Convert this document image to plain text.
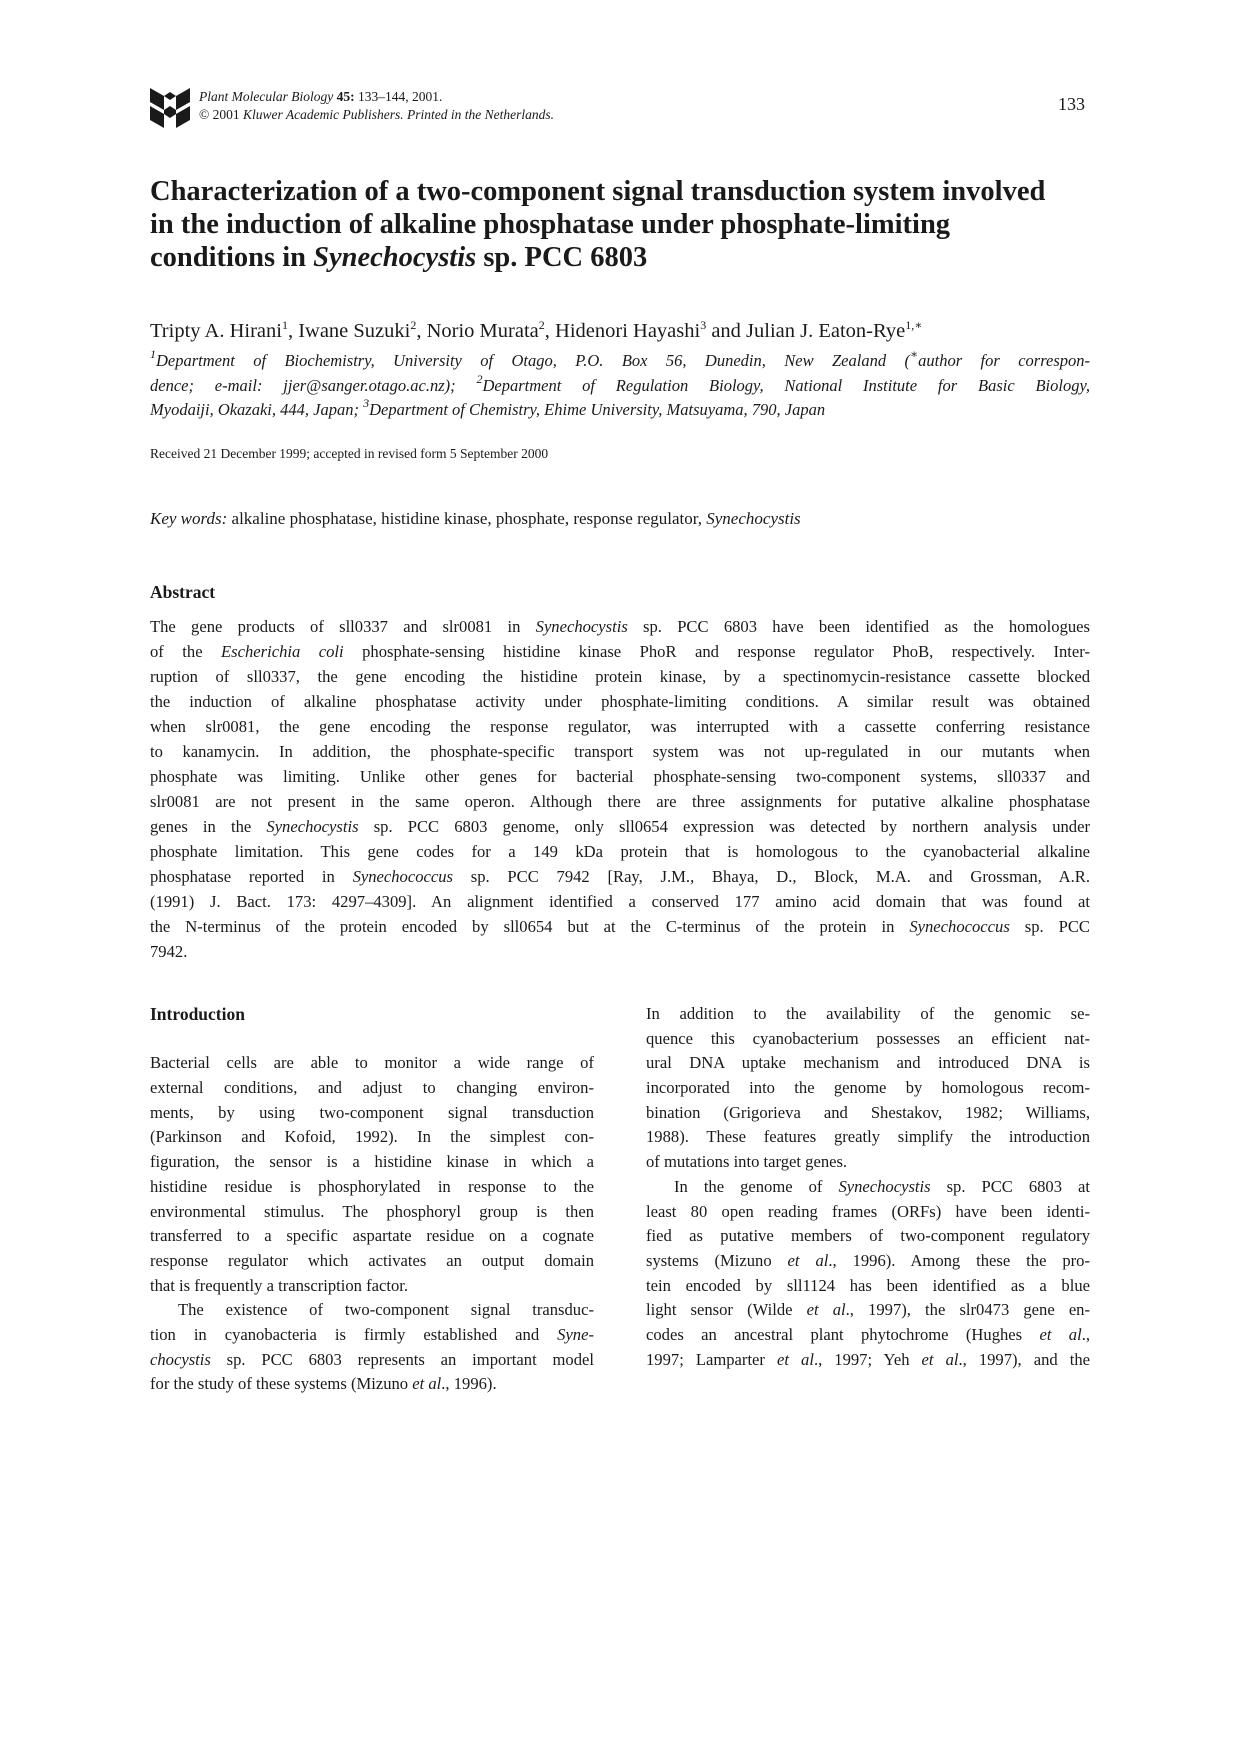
Plant Molecular Biology 45: 133–144, 2001.
© 2001 Kluwer Academic Publishers. Printed in the Netherlands.
133
Characterization of a two-component signal transduction system involved
in the induction of alkaline phosphatase under phosphate-limiting
conditions in Synechocystis sp. PCC 6803
Tripty A. Hirani$^1$, Iwane Suzuki$^2$, Norio Murata$^2$, Hidenori Hayashi$^3$ and Julian J. Eaton-Rye$^{1,∗}$
$^1$Department of Biochemistry, University of Otago, P.O. Box 56, Dunedin, New Zealand (∗author for correspon-
dence; e-mail: jjer@sanger.otago.ac.nz); $^2$Department of Regulation Biology, National Institute for Basic Biology,
Myodaiji, Okazaki, 444, Japan; $^3$Department of Chemistry, Ehime University, Matsuyama, 790, Japan
Received 21 December 1999; accepted in revised form 5 September 2000
Key words: alkaline phosphatase, histidine kinase, phosphate, response regulator, Synechocystis
Abstract
The gene products of sll0337 and slr0081 in Synechocystis sp. PCC 6803 have been identified as the homologues
of the Escherichia coli phosphate-sensing histidine kinase PhoR and response regulator PhoB, respectively. Inter-
ruption of sll0337, the gene encoding the histidine protein kinase, by a spectinomycin-resistance cassette blocked
the induction of alkaline phosphatase activity under phosphate-limiting conditions. A similar result was obtained
when slr0081, the gene encoding the response regulator, was interrupted with a cassette conferring resistance
to kanamycin. In addition, the phosphate-specific transport system was not up-regulated in our mutants when
phosphate was limiting. Unlike other genes for bacterial phosphate-sensing two-component systems, sll0337 and
slr0081 are not present in the same operon. Although there are three assignments for putative alkaline phosphatase
genes in the Synechocystis sp. PCC 6803 genome, only sll0654 expression was detected by northern analysis under
phosphate limitation. This gene codes for a 149 kDa protein that is homologous to the cyanobacterial alkaline
phosphatase reported in Synechococcus sp. PCC 7942 [Ray, J.M., Bhaya, D., Block, M.A. and Grossman, A.R.
(1991) J. Bact. 173: 4297–4309]. An alignment identified a conserved 177 amino acid domain that was found at
the N-terminus of the protein encoded by sll0654 but at the C-terminus of the protein in Synechococcus sp. PCC
7942.
Introduction
Bacterial cells are able to monitor a wide range of
external conditions, and adjust to changing environ-
ments, by using two-component signal transduction
(Parkinson and Kofoid, 1992). In the simplest con-
figuration, the sensor is a histidine kinase in which a
histidine residue is phosphorylated in response to the
environmental stimulus. The phosphoryl group is then
transferred to a specific aspartate residue on a cognate
response regulator which activates an output domain
that is frequently a transcription factor.
The existence of two-component signal transduc-
tion in cyanobacteria is firmly established and Syne-
chocystis sp. PCC 6803 represents an important model
for the study of these systems (Mizuno et al., 1996).
In addition to the availability of the genomic se-
quence this cyanobacterium possesses an efficient nat-
ural DNA uptake mechanism and introduced DNA is
incorporated into the genome by homologous recom-
bination (Grigorieva and Shestakov, 1982; Williams,
1988). These features greatly simplify the introduction
of mutations into target genes.
In the genome of Synechocystis sp. PCC 6803 at
least 80 open reading frames (ORFs) have been identi-
fied as putative members of two-component regulatory
systems (Mizuno et al., 1996). Among these the pro-
tein encoded by sll1124 has been identified as a blue
light sensor (Wilde et al., 1997), the slr0473 gene en-
codes an ancestral plant phytochrome (Hughes et al.,
1997; Lamparter et al., 1997; Yeh et al., 1997), and the
